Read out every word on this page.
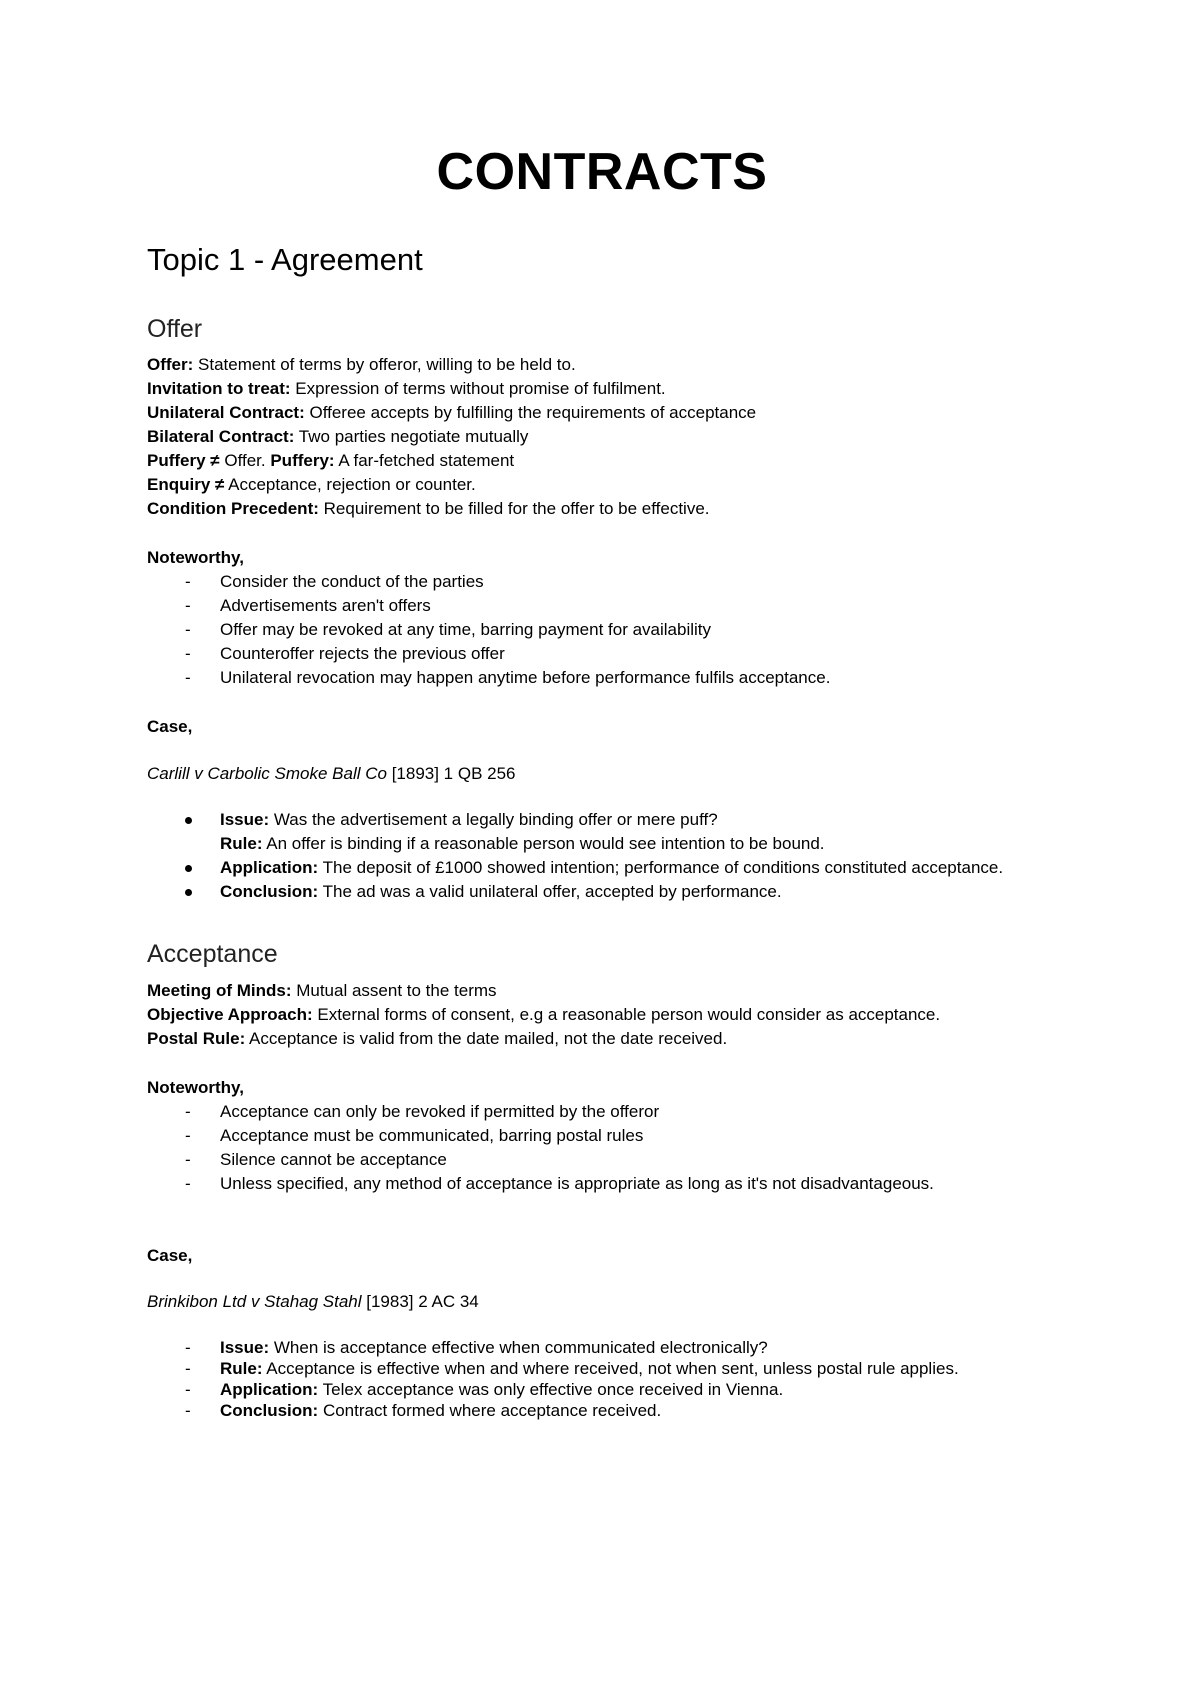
CONTRACTS
Topic 1 - Agreement
Offer
Offer: Statement of terms by offeror, willing to be held to.
Invitation to treat: Expression of terms without promise of fulfilment.
Unilateral Contract: Offeree accepts by fulfilling the requirements of acceptance
Bilateral Contract: Two parties negotiate mutually
Puffery ≠ Offer. Puffery: A far-fetched statement
Enquiry ≠ Acceptance, rejection or counter.
Condition Precedent: Requirement to be filled for the offer to be effective.
Noteworthy,
-	Consider the conduct of the parties
-	Advertisements aren't offers
-	Offer may be revoked at any time, barring payment for availability
-	Counteroffer rejects the previous offer
-	Unilateral revocation may happen anytime before performance fulfils acceptance.
Case,
Carlill v Carbolic Smoke Ball Co [1893] 1 QB 256
Issue: Was the advertisement a legally binding offer or mere puff?
Rule: An offer is binding if a reasonable person would see intention to be bound.
Application: The deposit of £1000 showed intention; performance of conditions constituted acceptance.
Conclusion: The ad was a valid unilateral offer, accepted by performance.
Acceptance
Meeting of Minds: Mutual assent to the terms
Objective Approach: External forms of consent, e.g a reasonable person would consider as acceptance.
Postal Rule: Acceptance is valid from the date mailed, not the date received.
Noteworthy,
-	Acceptance can only be revoked if permitted by the offeror
-	Acceptance must be communicated, barring postal rules
-	Silence cannot be acceptance
-	Unless specified, any method of acceptance is appropriate as long as it's not disadvantageous.
Case,
Brinkibon Ltd v Stahag Stahl [1983] 2 AC 34
-	Issue: When is acceptance effective when communicated electronically?
-	Rule: Acceptance is effective when and where received, not when sent, unless postal rule applies.
-	Application: Telex acceptance was only effective once received in Vienna.
-	Conclusion: Contract formed where acceptance received.
